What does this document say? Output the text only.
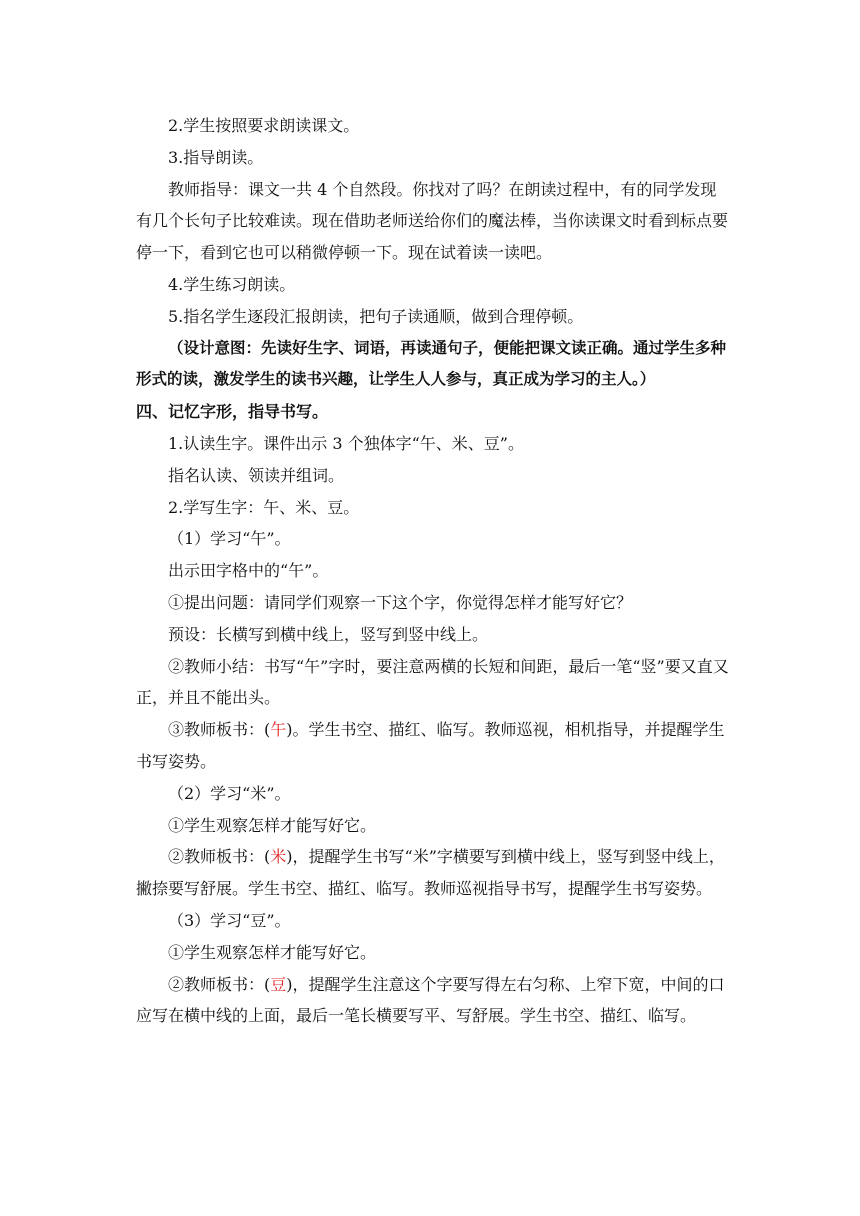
2.学生按照要求朗读课文。

3.指导朗读。

教师指导：课文一共 4 个自然段。你找对了吗？在朗读过程中，有的同学发现有几个长句子比较难读。现在借助老师送给你们的魔法棒，当你读课文时看到标点要停一下，看到它也可以稍微停顿一下。现在试着读一读吧。

4.学生练习朗读。

5.指名学生逐段汇报朗读，把句子读通顺，做到合理停顿。

（设计意图：先读好生字、词语，再读通句子，便能把课文读正确。通过学生多种形式的读，激发学生的读书兴趣，让学生人人参与，真正成为学习的主人。）

四、记忆字形，指导书写。

1.认读生字。课件出示 3 个独体字“午、米、豆”。

指名认读、领读并组词。

2.学写生字：午、米、豆。

（1）学习“午”。

出示田字格中的“午”。

①提出问题：请同学们观察一下这个字，你觉得怎样才能写好它？

预设：长横写到横中线上，竖写到竖中线上。

②教师小结：书写“午”字时，要注意两横的长短和间距，最后一笔“竖”要又直又正，并且不能出头。

③教师板书：(午)。学生书空、描红、临写。教师巡视，相机指导，并提醒学生书写姿势。

（2）学习“米”。

①学生观察怎样才能写好它。

②教师板书：(米)，提醒学生书写“米”字横要写到横中线上，竖写到竖中线上，撇捺要写舒展。学生书空、描红、临写。教师巡视指导书写，提醒学生书写姿势。

（3）学习“豆”。

①学生观察怎样才能写好它。

②教师板书：(豆)，提醒学生注意这个字要写得左右匀称、上窄下宽，中间的口应写在横中线的上面，最后一笔长横要写平、写舒展。学生书空、描红、临写。
